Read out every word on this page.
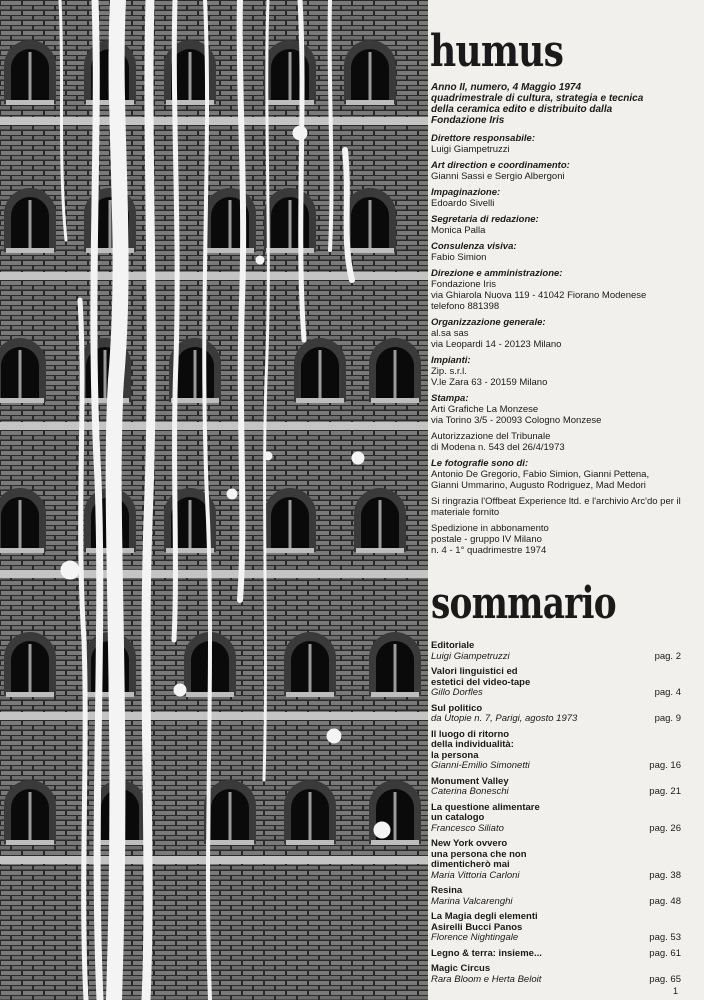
humus
Anno II, numero, 4 Maggio 1974
quadrimestrale di cultura, strategia e tecnica
della ceramica edito e distribuito dalla
Fondazione Iris
Direttore responsabile:
Luigi Giampetruzzi
Art direction e coordinamento:
Gianni Sassi e Sergio Albergoni
Impaginazione:
Edoardo Sivelli
Segretaria di redazione:
Monica Palla
Consulenza visiva:
Fabio Simion
Direzione e amministrazione:
Fondazione Iris
via Ghiarola Nuova 119 - 41042 Fiorano Modenese
telefono 881398
Organizzazione generale:
al.sa sas
via Leopardi 14 - 20123 Milano
Impianti:
Zip. s.r.l.
V.le Zara 63 - 20159 Milano
Stampa:
Arti Grafiche La Monzese
via Torino 3/5 - 20093 Cologno Monzese
Autorizzazione del Tribunale
di Modena n. 543 del 26/4/1973
Le fotografie sono di:
Antonio De Gregorio, Fabio Simion, Gianni Pettena,
Gianni Ummarino, Augusto Rodriguez, Mad Medori
Si ringrazia l'Offbeat Experience ltd. e l'archivio Arc'do per il materiale fornito
Spedizione in abbonamento
postale - gruppo IV Milano
n. 4 - 1° quadrimestre 1974
sommario
Editoriale
Luigi Giampetruzzi	pag. 2
Valori linguistici ed
estetici del video-tape
Gillo Dorfles	pag. 4
Sul politico
da Utopie n. 7, Parigi, agosto 1973	pag. 9
Il luogo di ritorno
della individualità:
la persona
Gianni-Emilio Simonetti	pag. 16
Monument Valley
Caterina Boneschi	pag. 21
La questione alimentare
un catalogo
Francesco Siliato	pag. 26
New York ovvero
una persona che non
dimenticherò mai
Maria Vittoria Carloni	pag. 38
Resina
Marina Valcarenghi	pag. 48
La Magia degli elementi
Asirelli Bucci Panos
Florence Nightingale	pag. 53
Legno & terra: insieme...	pag. 61
Magic Circus
Rara Bloom e Herta Beloit	pag. 65
1
